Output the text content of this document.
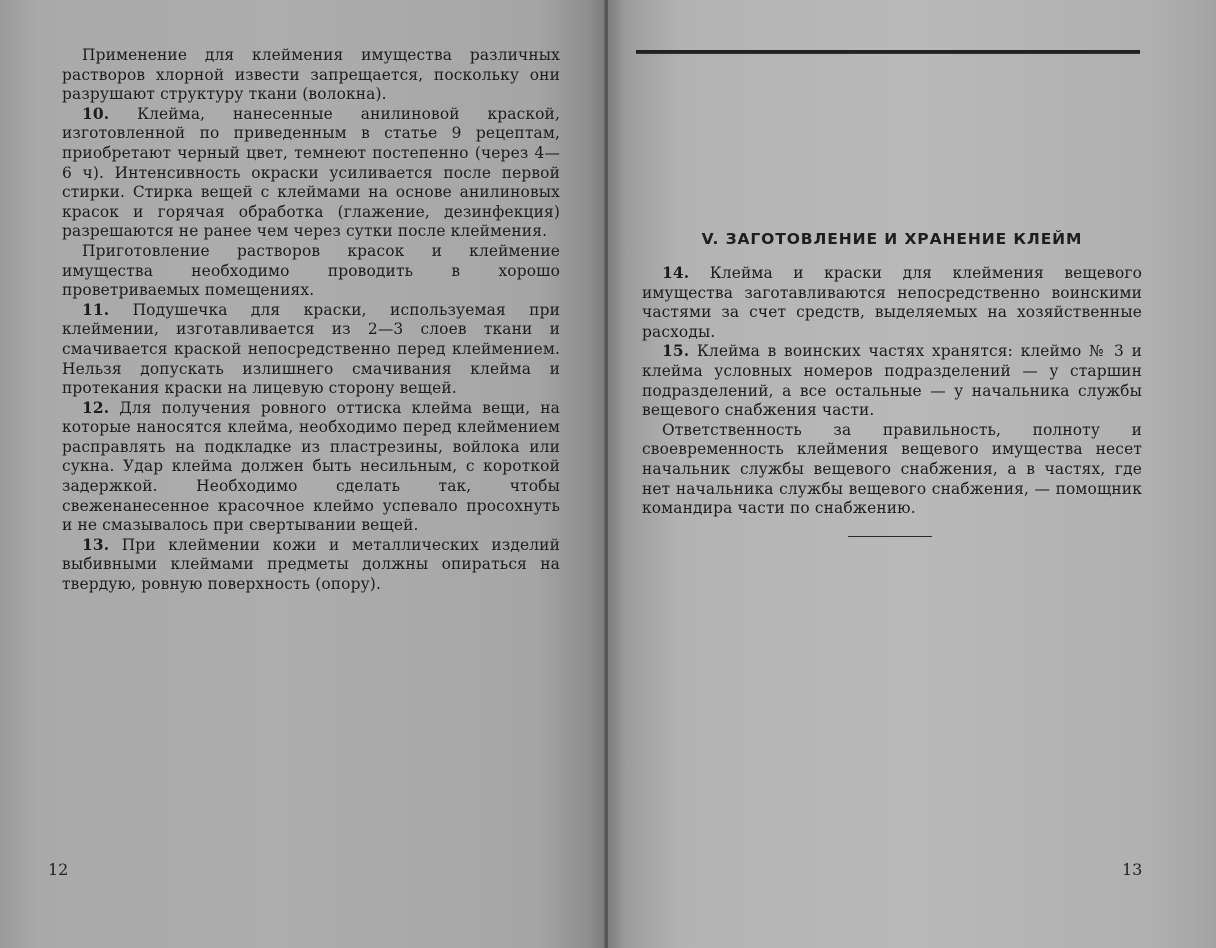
Применение для клеймения имущества различных растворов хлорной извести запрещается, поскольку они разрушают структуру ткани (волокна).

10. Клейма, нанесенные анилиновой краской, изготовленной по приведенным в статье 9 рецептам, приобретают черный цвет, темнеют постепенно (через 4—6 ч). Интенсивность окраски усиливается после первой стирки. Стирка вещей с клеймами на основе анилиновых красок и горячая обработка (глажение, дезинфекция) разрешаются не ранее чем через сутки после клеймения.

Приготовление растворов красок и клеймение имущества необходимо проводить в хорошо проветриваемых помещениях.

11. Подушечка для краски, используемая при клеймении, изготавливается из 2—3 слоев ткани и смачивается краской непосредственно перед клеймением. Нельзя допускать излишнего смачивания клейма и протекания краски на лицевую сторону вещей.

12. Для получения ровного оттиска клейма вещи, на которые наносятся клейма, необходимо перед клеймением расправлять на подкладке из пластрезины, войлока или сукна. Удар клейма должен быть несильным, с короткой задержкой. Необходимо сделать так, чтобы свеженанесенное красочное клеймо успевало просохнуть и не смазывалось при свертывании вещей.

13. При клеймении кожи и металлических изделий выбивными клеймами предметы должны опираться на твердую, ровную поверхность (опору).

12
V. ЗАГОТОВЛЕНИЕ И ХРАНЕНИЕ КЛЕЙМ

14. Клейма и краски для клеймения вещевого имущества заготавливаются непосредственно воинскими частями за счет средств, выделяемых на хозяйственные расходы.

15. Клейма в воинских частях хранятся: клеймо № 3 и клейма условных номеров подразделений — у старшин подразделений, а все остальные — у начальника службы вещевого снабжения части.

Ответственность за правильность, полноту и своевременность клеймения вещевого имущества несет начальник службы вещевого снабжения, а в частях, где нет начальника службы вещевого снабжения, — помощник командира части по снабжению.

13
